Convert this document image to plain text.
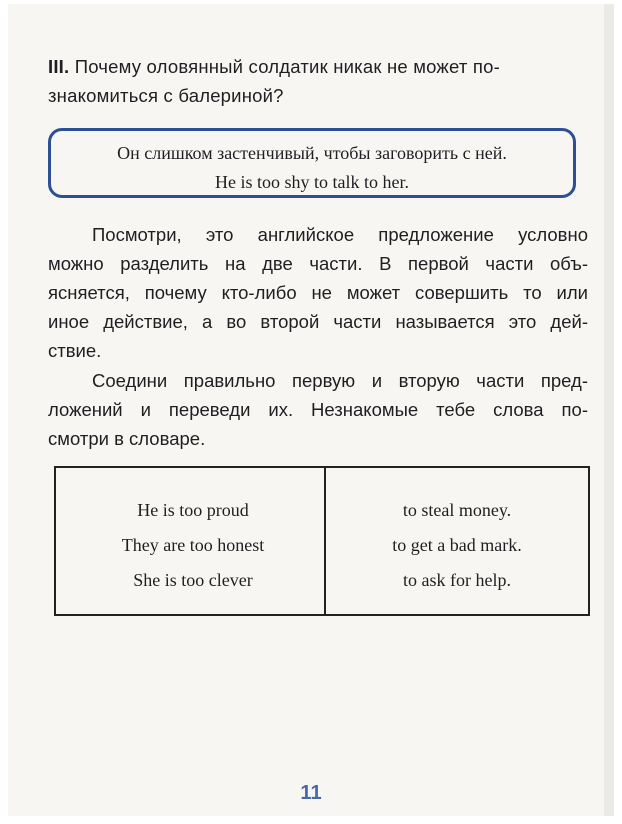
III. Почему оловянный солдатик никак не может по-
знакомиться с балериной?
Он слишком застенчивый, чтобы заговорить с ней.
He is too shy to talk to her.
Посмотри, это английское предложение условно
можно разделить на две части. В первой части объ-
ясняется, почему кто-либо не может совершить то или
иное действие, а во второй части называется это дей-
ствие.
Соедини правильно первую и вторую части пред-
ложений и переведи их. Незнакомые тебе слова по-
смотри в словаре.
He is too proud
They are too honest
She is too clever
to steal money.
to get a bad mark.
to ask for help.
11
